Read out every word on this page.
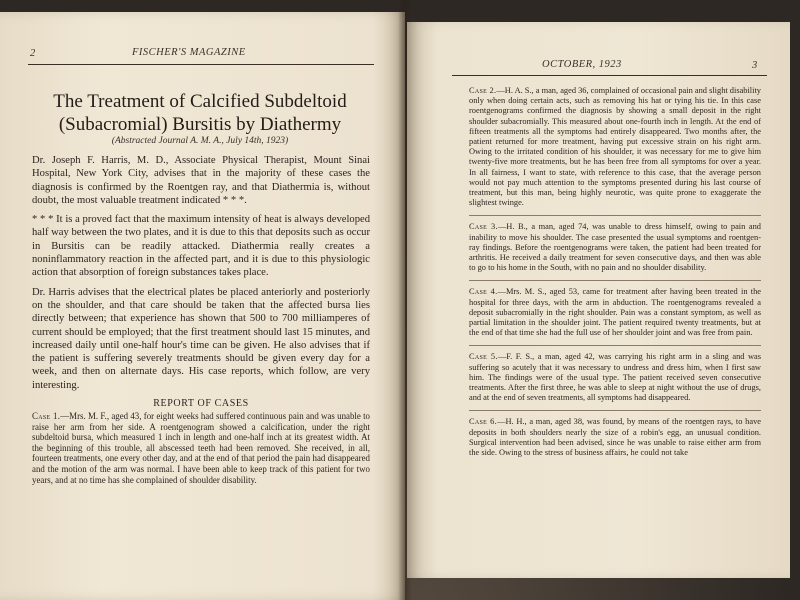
2	FISCHER'S MAGAZINE
The Treatment of Calcified Subdeltoid
(Subacromial) Bursitis by Diathermy
(Abstracted Journal A. M. A., July 14th, 1923)

Dr. Joseph F. Harris, M. D., Associate Physical Therapist, Mount Sinai Hospital, New York City, advises that in the majority of these cases the diagnosis is confirmed by the Roentgen ray, and that Diathermia is, without doubt, the most valuable treatment indicated * * *.

* * * It is a proved fact that the maximum intensity of heat is always developed half way between the two plates, and it is due to this that deposits such as occur in Bursitis can be readily attacked. Diathermia really creates a noninflammatory reaction in the affected part, and it is due to this physiologic action that absorption of foreign substances takes place.

Dr. Harris advises that the electrical plates be placed anteriorly and posteriorly on the shoulder, and that care should be taken that the affected bursa lies directly between; that experience has shown that 500 to 700 milliamperes of current should be employed; that the first treatment should last 15 minutes, and increased daily until one-half hour's time can be given. He also advises that if the patient is suffering severely treatments should be given every day for a week, and then on alternate days. His case reports, which follow, are very interesting.

REPORT OF CASES

Case 1.—Mrs. M. F., aged 43, for eight weeks had suffered continuous pain and was unable to raise her arm from her side. A roentgenogram showed a calcification, under the right subdeltoid bursa, which measured 1 inch in length and one-half inch at its greatest width. At the beginning of this trouble, all abscessed teeth had been removed. She received, in all, fourteen treatments, one every other day, and at the end of that period the pain had disappeared and the motion of the arm was normal. I have been able to keep track of this patient for two years, and at no time has she complained of shoulder disability.

OCTOBER, 1923	3

Case 2.—H. A. S., a man, aged 36, complained of occasional pain and slight disability only when doing certain acts, such as removing his hat or tying his tie. In this case roentgenograms confirmed the diagnosis by showing a small deposit in the right shoulder subacromially. This measured about one-fourth inch in length. At the end of fifteen treatments all the symptoms had entirely disappeared. Two months after, the patient returned for more treatment, having put excessive strain on his right arm. Owing to the irritated condition of his shoulder, it was necessary for me to give him twenty-five more treatments, but he has been free from all symptoms for over a year. In all fairness, I want to state, with reference to this case, that the average person would not pay much attention to the symptoms presented during his last course of treatment, but this man, being highly neurotic, was quite prone to exaggerate the slightest twinge.

Case 3.—H. B., a man, aged 74, was unable to dress himself, owing to pain and inability to move his shoulder. The case presented the usual symptoms and roentgen-ray findings. Before the roentgenograms were taken, the patient had been treated for arthritis. He received a daily treatment for seven consecutive days, and then was able to go to his home in the South, with no pain and no shoulder disability.

Case 4.—Mrs. M. S., aged 53, came for treatment after having been treated in the hospital for three days, with the arm in abduction. The roentgenograms revealed a deposit subacromially in the right shoulder. Pain was a constant symptom, as well as partial limitation in the shoulder joint. The patient required twenty treatments, but at the end of that time she had the full use of her shoulder joint and was free from pain.

Case 5.—F. F. S., a man, aged 42, was carrying his right arm in a sling and was suffering so acutely that it was necessary to undress and dress him, when I first saw him. The findings were of the usual type. The patient received seven consecutive treatments. After the first three, he was able to sleep at night without the use of drugs, and at the end of seven treatments, all symptoms had disappeared.

Case 6.—H. H., a man, aged 38, was found, by means of the roentgen rays, to have deposits in both shoulders nearly the size of a robin's egg, an unusual condition. Surgical intervention had been advised, since he was unable to raise either arm from the side. Owing to the stress of business affairs, he could not take
